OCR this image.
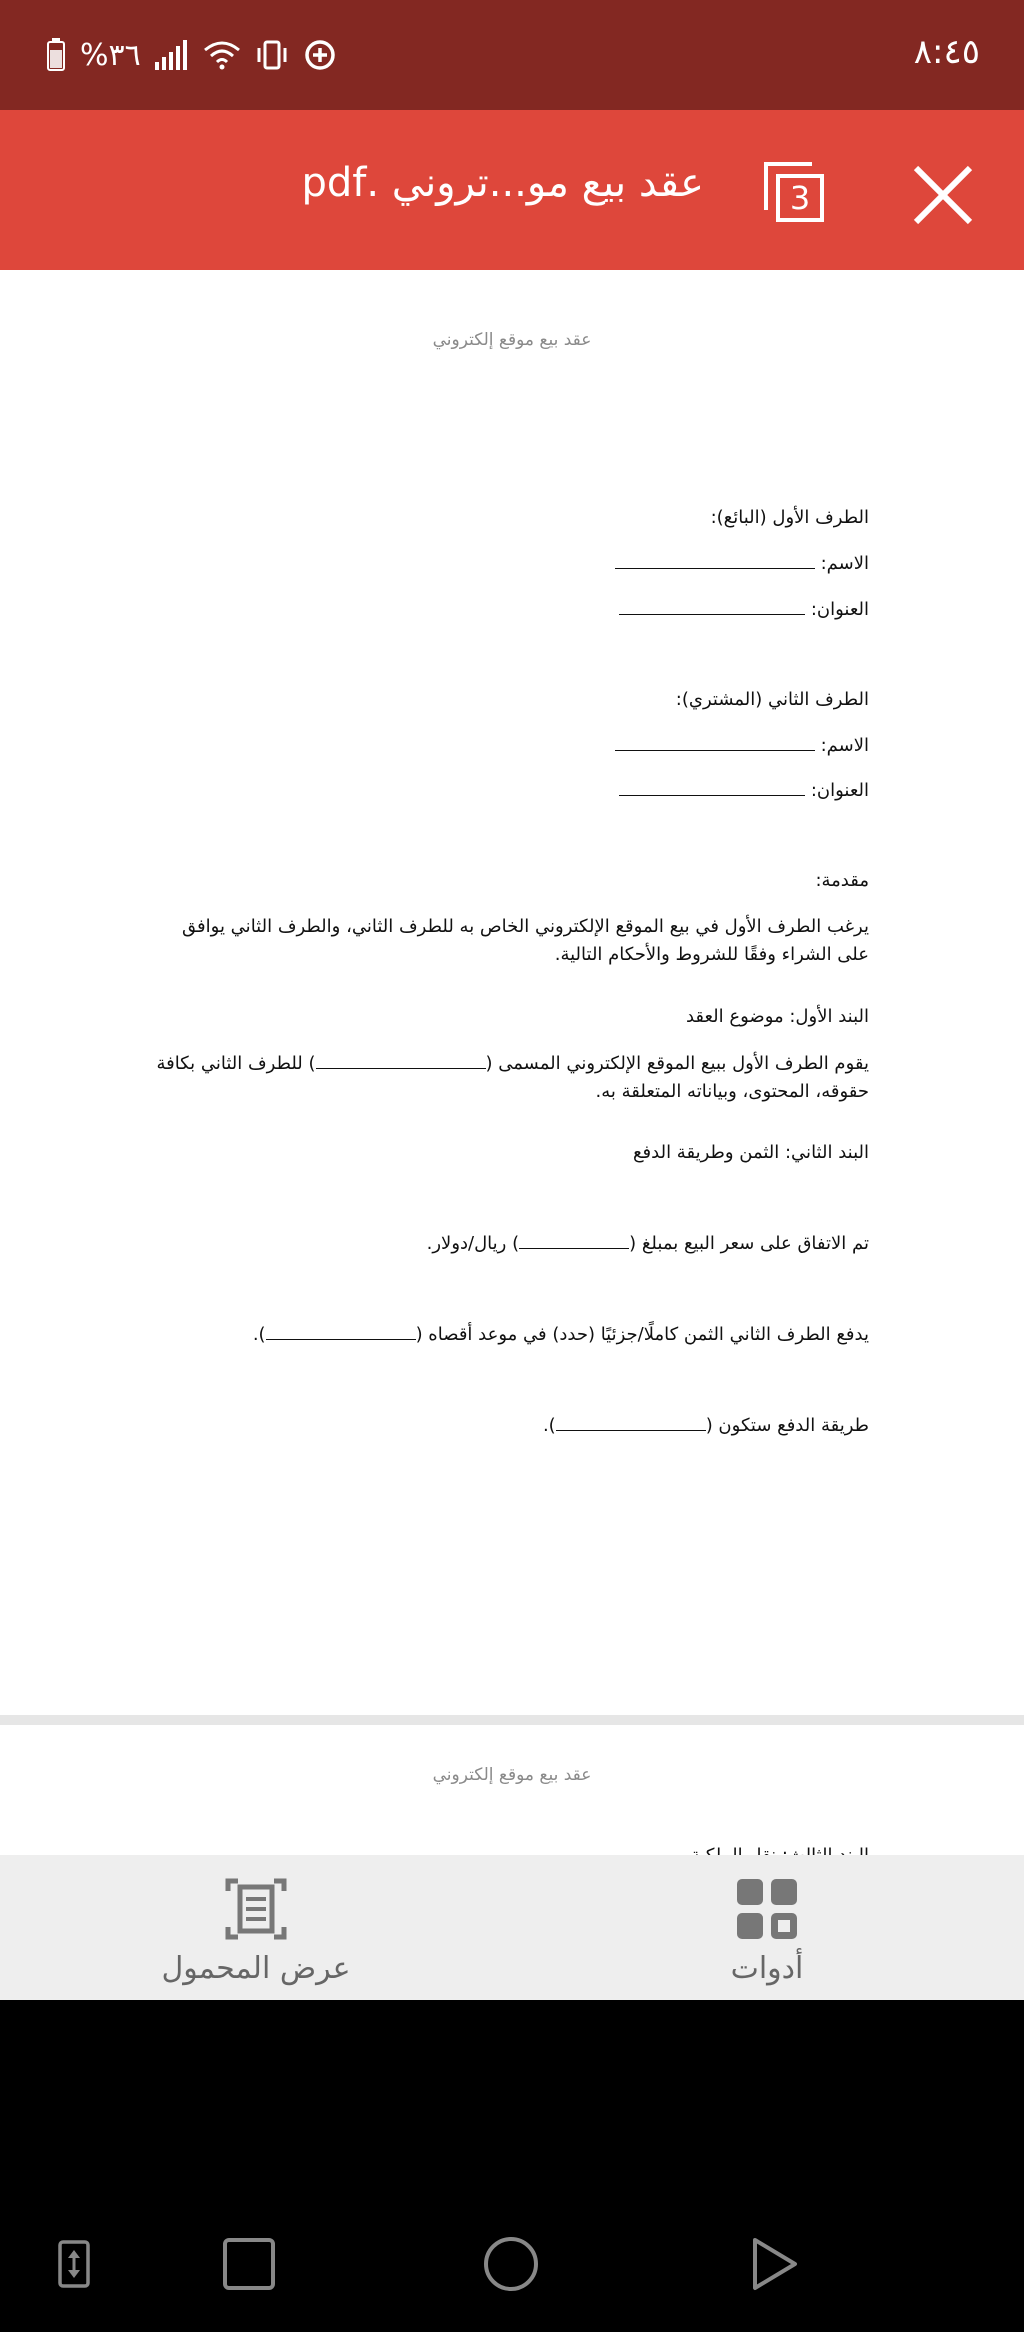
%٣٦	٨:٤٥
عقد بيع مو...تروني .pdf	3
عقد بيع موقع إلكتروني
الطرف الأول (البائع):
الاسم:
العنوان:
الطرف الثاني (المشتري):
الاسم:
العنوان:
مقدمة:
يرغب الطرف الأول في بيع الموقع الإلكتروني الخاص به للطرف الثاني، والطرف الثاني يوافق على الشراء وفقًا للشروط والأحكام التالية.
البند الأول: موضوع العقد
يقوم الطرف الأول ببيع الموقع الإلكتروني المسمى () للطرف الثاني بكافة حقوقه، المحتوى، وبياناته المتعلقة به.
البند الثاني: الثمن وطريقة الدفع
تم الاتفاق على سعر البيع بمبلغ () ريال/دولار.
يدفع الطرف الثاني الثمن كاملًا/جزئيًا (حدد) في موعد أقصاه ().
طريقة الدفع ستكون ().
عقد بيع موقع إلكتروني
أدوات
عرض المحمول
